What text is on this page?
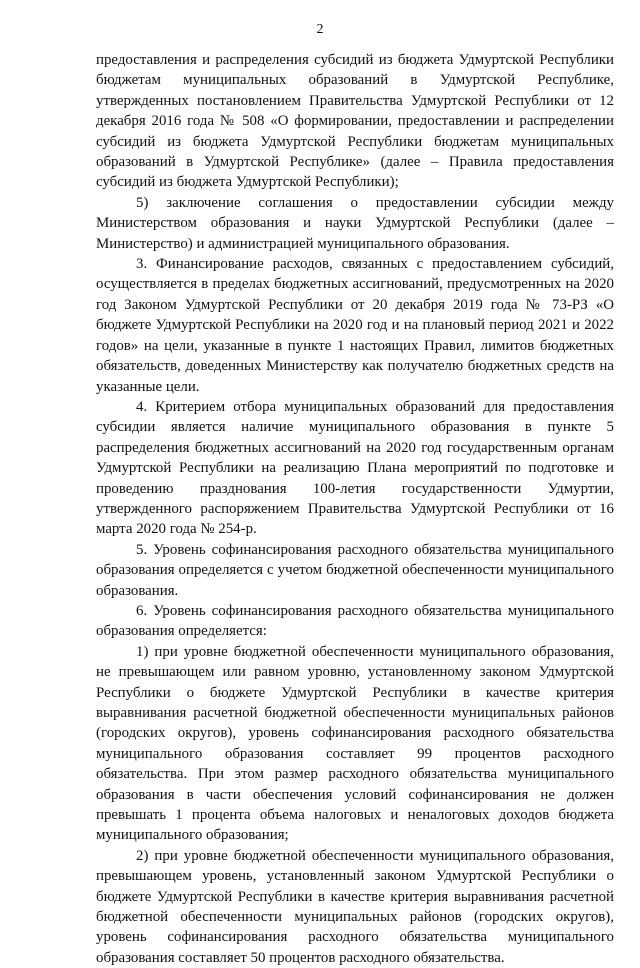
2

предоставления и распределения субсидий из бюджета Удмуртской Республики бюджетам муниципальных образований в Удмуртской Республике, утвержденных постановлением Правительства Удмуртской Республики от 12 декабря 2016 года № 508 «О формировании, предоставлении и распределении субсидий из бюджета Удмуртской Республики бюджетам муниципальных образований в Удмуртской Республике» (далее – Правила предоставления субсидий из бюджета Удмуртской Республики);

5) заключение соглашения о предоставлении субсидии между Министерством образования и науки Удмуртской Республики (далее – Министерство) и администрацией муниципального образования.

3. Финансирование расходов, связанных с предоставлением субсидий, осуществляется в пределах бюджетных ассигнований, предусмотренных на 2020 год Законом Удмуртской Республики от 20 декабря 2019 года № 73-РЗ «О бюджете Удмуртской Республики на 2020 год и на плановый период 2021 и 2022 годов» на цели, указанные в пункте 1 настоящих Правил, лимитов бюджетных обязательств, доведенных Министерству как получателю бюджетных средств на указанные цели.

4. Критерием отбора муниципальных образований для предоставления субсидии является наличие муниципального образования в пункте 5 распределения бюджетных ассигнований на 2020 год государственным органам Удмуртской Республики на реализацию Плана мероприятий по подготовке и проведению празднования 100-летия государственности Удмуртии, утвержденного распоряжением Правительства Удмуртской Республики от 16 марта 2020 года № 254-р.

5. Уровень софинансирования расходного обязательства муниципального образования определяется с учетом бюджетной обеспеченности муниципального образования.

6. Уровень софинансирования расходного обязательства муниципального образования определяется:

1) при уровне бюджетной обеспеченности муниципального образования, не превышающем или равном уровню, установленному законом Удмуртской Республики о бюджете Удмуртской Республики в качестве критерия выравнивания расчетной бюджетной обеспеченности муниципальных районов (городских округов), уровень софинансирования расходного обязательства муниципального образования составляет 99 процентов расходного обязательства. При этом размер расходного обязательства муниципального образования в части обеспечения условий софинансирования не должен превышать 1 процента объема налоговых и неналоговых доходов бюджета муниципального образования;

2) при уровне бюджетной обеспеченности муниципального образования, превышающем уровень, установленный законом Удмуртской Республики о бюджете Удмуртской Республики в качестве критерия выравнивания расчетной бюджетной обеспеченности муниципальных районов (городских округов), уровень софинансирования расходного обязательства муниципального образования составляет 50 процентов расходного обязательства.
